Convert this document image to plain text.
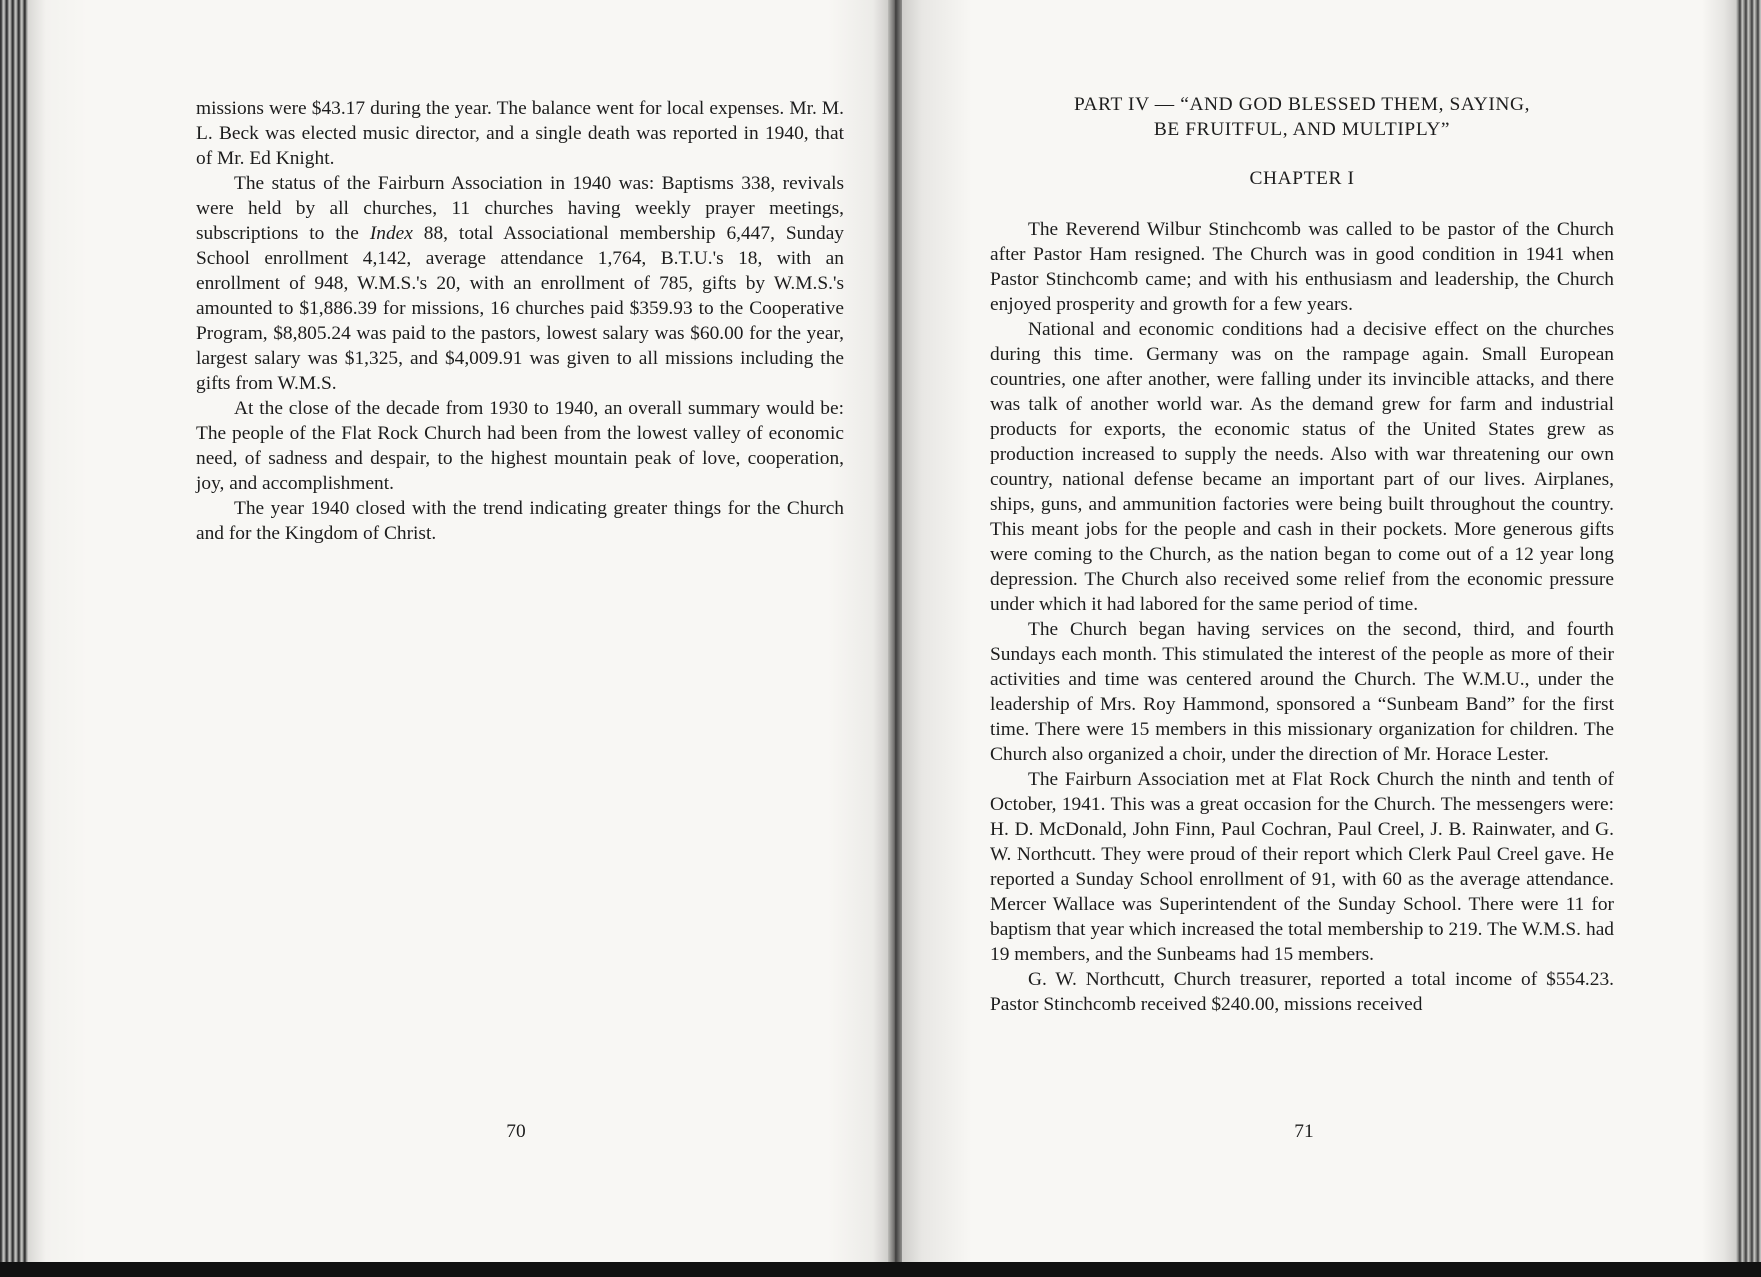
missions were $43.17 during the year. The balance went for local expenses. Mr. M. L. Beck was elected music director, and a single death was reported in 1940, that of Mr. Ed Knight.

The status of the Fairburn Association in 1940 was: Baptisms 338, revivals were held by all churches, 11 churches having weekly prayer meetings, subscriptions to the Index 88, total Associational membership 6,447, Sunday School enrollment 4,142, average attendance 1,764, B.T.U.'s 18, with an enrollment of 948, W.M.S.'s 20, with an enrollment of 785, gifts by W.M.S.'s amounted to $1,886.39 for missions, 16 churches paid $359.93 to the Cooperative Program, $8,805.24 was paid to the pastors, lowest salary was $60.00 for the year, largest salary was $1,325, and $4,009.91 was given to all missions including the gifts from W.M.S.

At the close of the decade from 1930 to 1940, an overall summary would be: The people of the Flat Rock Church had been from the lowest valley of economic need, of sadness and despair, to the highest mountain peak of love, cooperation, joy, and accomplishment.

The year 1940 closed with the trend indicating greater things for the Church and for the Kingdom of Christ.

70
PART IV — “AND GOD BLESSED THEM, SAYING,
BE FRUITFUL, AND MULTIPLY”
CHAPTER I

The Reverend Wilbur Stinchcomb was called to be pastor of the Church after Pastor Ham resigned. The Church was in good condition in 1941 when Pastor Stinchcomb came; and with his enthusiasm and leadership, the Church enjoyed prosperity and growth for a few years.

National and economic conditions had a decisive effect on the churches during this time. Germany was on the rampage again. Small European countries, one after another, were falling under its invincible attacks, and there was talk of another world war. As the demand grew for farm and industrial products for exports, the economic status of the United States grew as production increased to supply the needs. Also with war threatening our own country, national defense became an important part of our lives. Airplanes, ships, guns, and ammunition factories were being built throughout the country. This meant jobs for the people and cash in their pockets. More generous gifts were coming to the Church, as the nation began to come out of a 12 year long depression. The Church also received some relief from the economic pressure under which it had labored for the same period of time.

The Church began having services on the second, third, and fourth Sundays each month. This stimulated the interest of the people as more of their activities and time was centered around the Church. The W.M.U., under the leadership of Mrs. Roy Hammond, sponsored a “Sunbeam Band” for the first time. There were 15 members in this missionary organization for children. The Church also organized a choir, under the direction of Mr. Horace Lester.

The Fairburn Association met at Flat Rock Church the ninth and tenth of October, 1941. This was a great occasion for the Church. The messengers were: H. D. McDonald, John Finn, Paul Cochran, Paul Creel, J. B. Rainwater, and G. W. Northcutt. They were proud of their report which Clerk Paul Creel gave. He reported a Sunday School enrollment of 91, with 60 as the average attendance. Mercer Wallace was Superintendent of the Sunday School. There were 11 for baptism that year which increased the total membership to 219. The W.M.S. had 19 members, and the Sunbeams had 15 members.

G. W. Northcutt, Church treasurer, reported a total income of $554.23. Pastor Stinchcomb received $240.00, missions received

71
